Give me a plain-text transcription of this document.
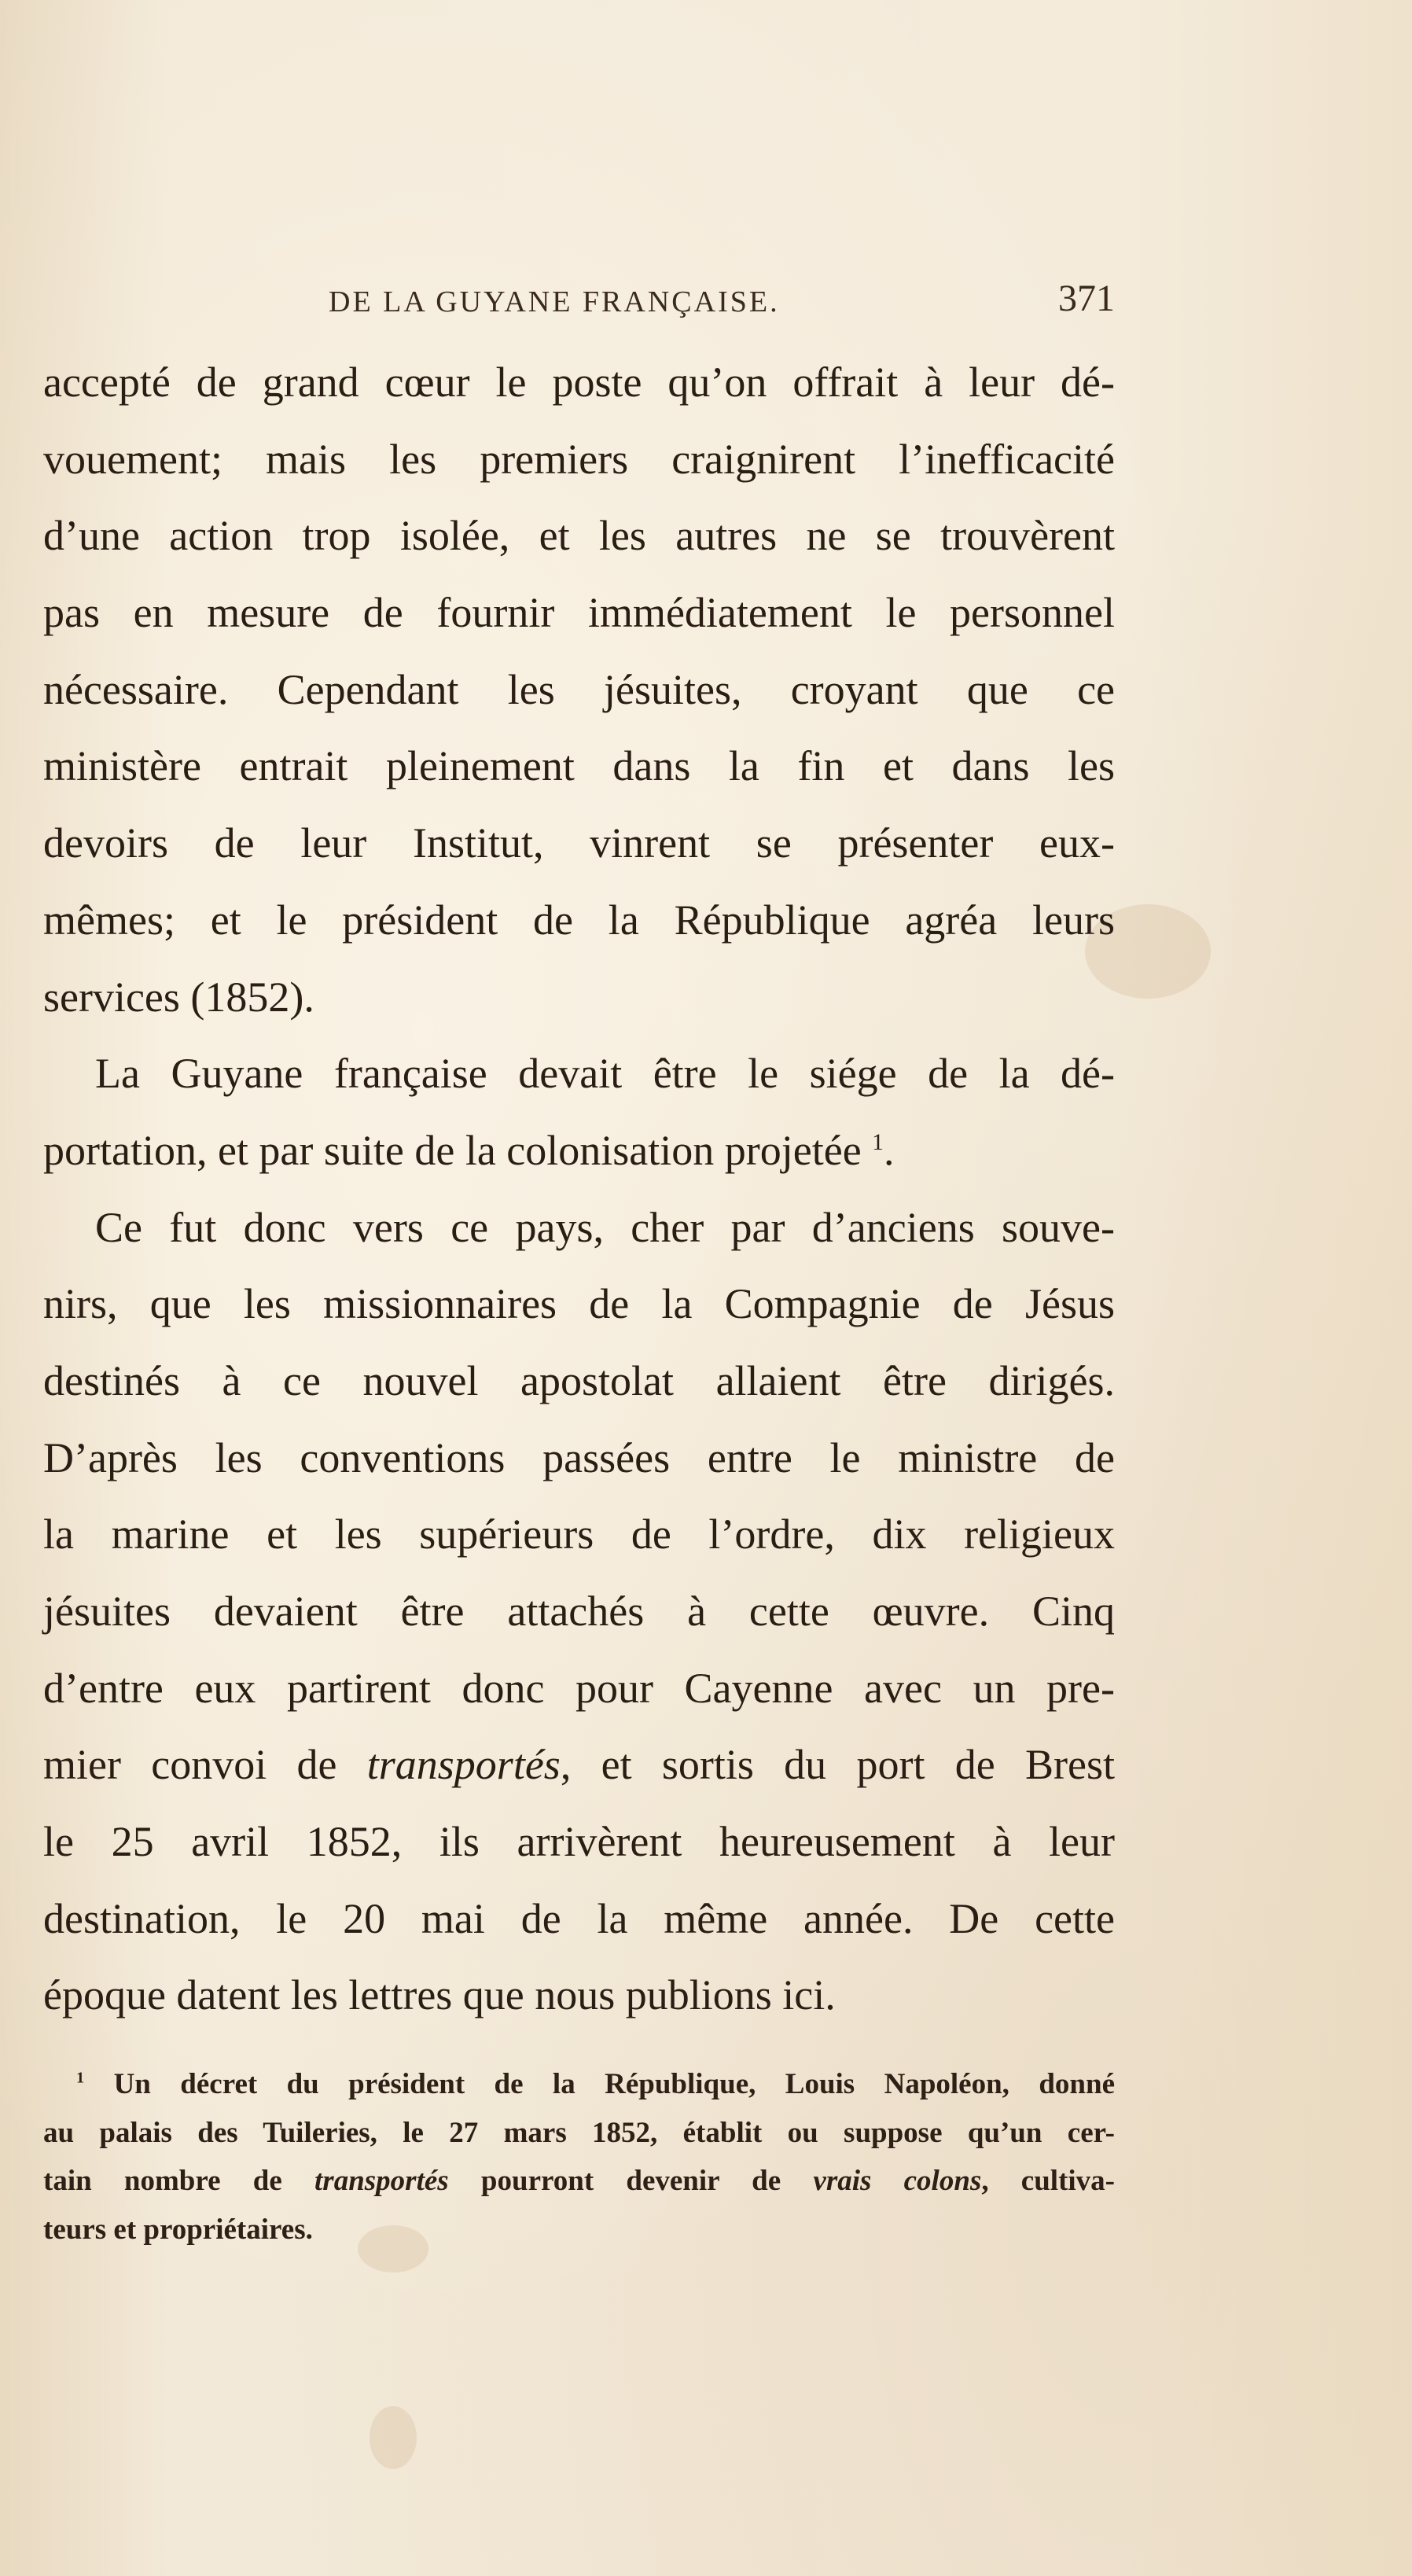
DE LA GUYANE FRANÇAISE.	371
accepté de grand cœur le poste qu’on offrait à leur dé-
vouement; mais les premiers craignirent l’inefficacité
d’une action trop isolée, et les autres ne se trouvèrent
pas en mesure de fournir immédiatement le personnel
nécessaire. Cependant les jésuites, croyant que ce
ministère entrait pleinement dans la fin et dans les
devoirs de leur Institut, vinrent se présenter eux-
mêmes; et le président de la République agréa leurs
services (1852).
La Guyane française devait être le siége de la dé-
portation, et par suite de la colonisation projetée $^1$.
Ce fut donc vers ce pays, cher par d’anciens souve-
nirs, que les missionnaires de la Compagnie de Jésus
destinés à ce nouvel apostolat allaient être dirigés.
D’après les conventions passées entre le ministre de
la marine et les supérieurs de l’ordre, dix religieux
jésuites devaient être attachés à cette œuvre. Cinq
d’entre eux partirent donc pour Cayenne avec un pre-
mier convoi de transportés, et sortis du port de Brest
le 25 avril 1852, ils arrivèrent heureusement à leur
destination, le 20 mai de la même année. De cette
époque datent les lettres que nous publions ici.
$^1$ Un décret du président de la République, Louis Napoléon, donné
au palais des Tuileries, le 27 mars 1852, établit ou suppose qu’un cer-
tain nombre de transportés pourront devenir de vrais colons, cultiva-
teurs et propriétaires.
